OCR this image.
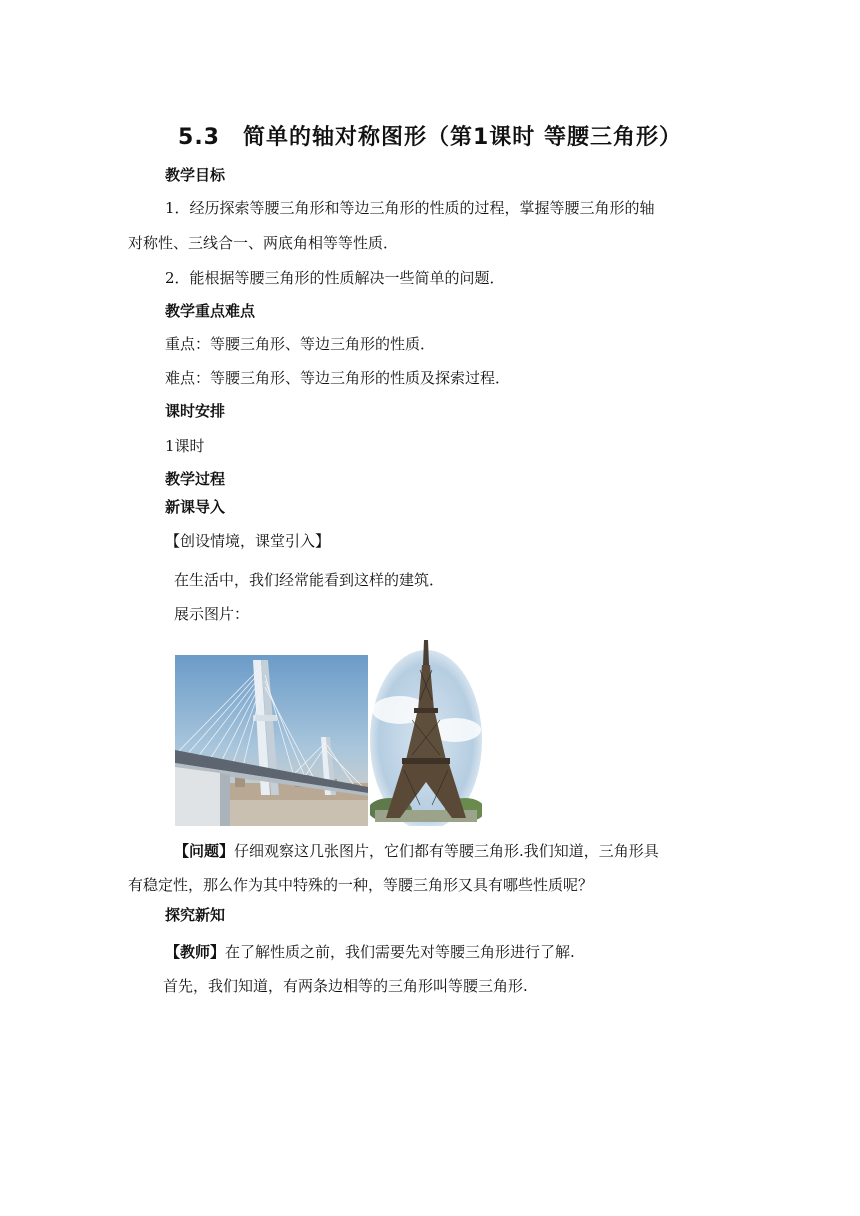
5.3　简单的轴对称图形（第1课时 等腰三角形）
教学目标
1．经历探索等腰三角形和等边三角形的性质的过程，掌握等腰三角形的轴
对称性、三线合一、两底角相等等性质．
2．能根据等腰三角形的性质解决一些简单的问题．
教学重点难点
重点：等腰三角形、等边三角形的性质．
难点：等腰三角形、等边三角形的性质及探索过程．
课时安排
1课时
教学过程
新课导入
【创设情境，课堂引入】
在生活中，我们经常能看到这样的建筑．
展示图片：
【问题】仔细观察这几张图片，它们都有等腰三角形.我们知道，三角形具
有稳定性，那么作为其中特殊的一种，等腰三角形又具有哪些性质呢？
探究新知
【教师】在了解性质之前，我们需要先对等腰三角形进行了解.
首先，我们知道，有两条边相等的三角形叫等腰三角形.
